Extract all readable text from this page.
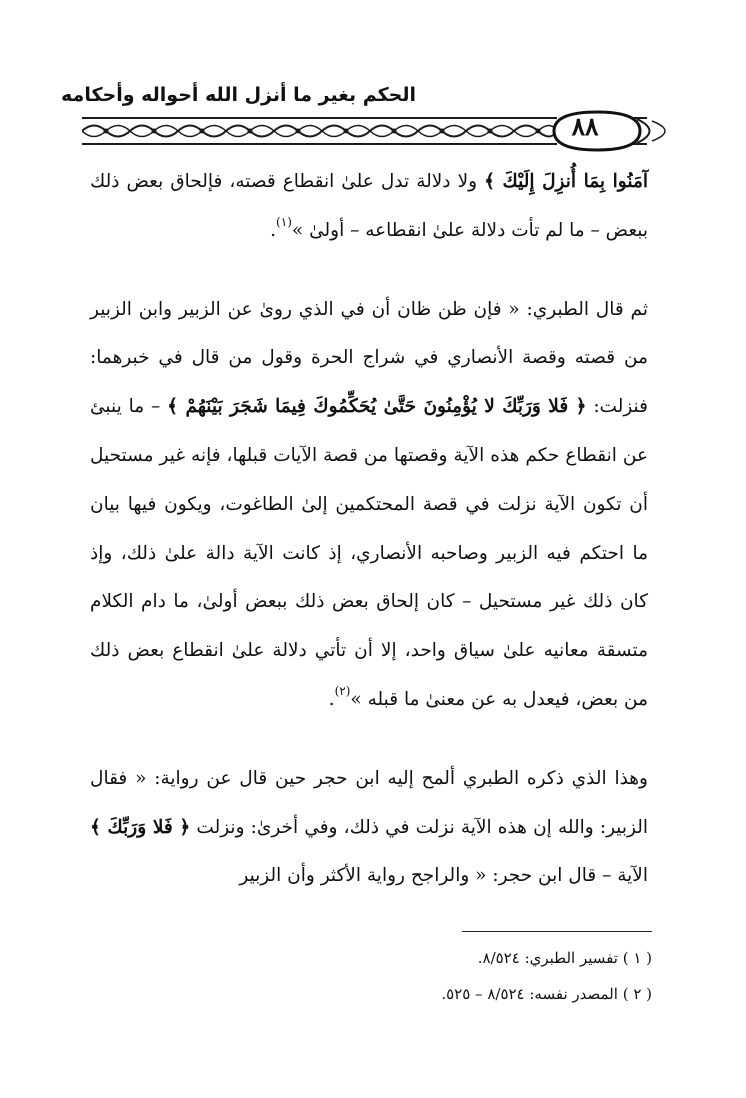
الحكم بغير ما أنزل الله أحواله وأحكامه
٨٨

آمَنُوا بِمَا أُنزِلَ إِلَيْكَ ﴾ ولا دلالة تدل علىٰ انقطاع قصته، فإلحاق بعض ذلك ببعض – ما لم تأت دلالة علىٰ انقطاعه – أولىٰ »$^{(١)}$.

ثم قال الطبري: « فإن ظن ظان أن في الذي روىٰ عن الزبير وابن الزبير من قصته وقصة الأنصاري في شراج الحرة وقول من قال في خبرهما: فنزلت: ﴿ فَلا وَرَبِّكَ لا يُؤْمِنُونَ حَتَّىٰ يُحَكِّمُوكَ فِيمَا شَجَرَ بَيْنَهُمْ ﴾ – ما ينبئ عن انقطاع حكم هذه الآية وقصتها من قصة الآيات قبلها، فإنه غير مستحيل أن تكون الآية نزلت في قصة المحتكمين إلىٰ الطاغوت، ويكون فيها بيان ما احتكم فيه الزبير وصاحبه الأنصاري، إذ كانت الآية دالة علىٰ ذلك، وإذ كان ذلك غير مستحيل – كان إلحاق بعض ذلك ببعض أولىٰ، ما دام الكلام متسقة معانيه علىٰ سياق واحد، إلا أن تأتي دلالة علىٰ انقطاع بعض ذلك من بعض، فيعدل به عن معنىٰ ما قبله »$^{(٢)}$.

وهذا الذي ذكره الطبري ألمح إليه ابن حجر حين قال عن رواية: « فقال الزبير: والله إن هذه الآية نزلت في ذلك، وفي أخرىٰ: ونزلت ﴿ فَلا وَرَبِّكَ ﴾ الآية – قال ابن حجر: « والراجح رواية الأكثر وأن الزبير

( ١ ) تفسير الطبري: ٨/٥٢٤.
( ٢ ) المصدر نفسه: ٨/٥٢٤ – ٥٢٥.
